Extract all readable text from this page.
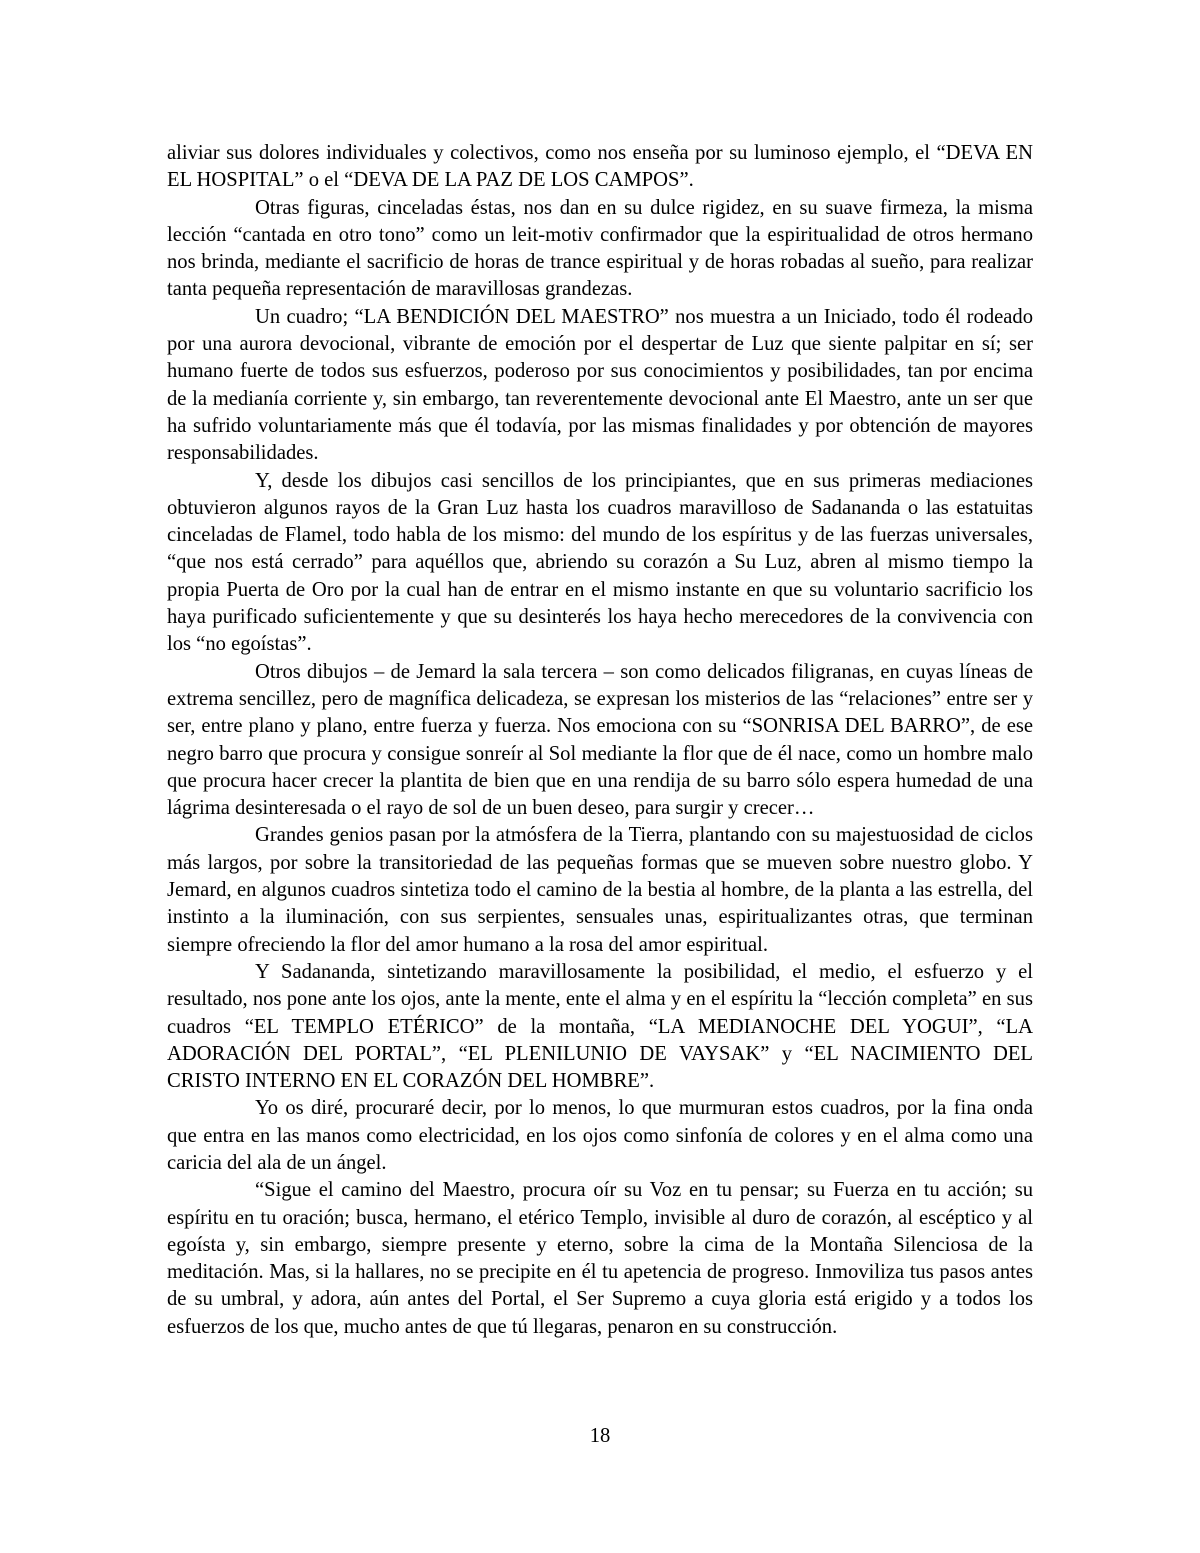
aliviar sus dolores individuales y colectivos, como nos enseña por su luminoso ejemplo, el “DEVA EN EL HOSPITAL” o el “DEVA DE LA PAZ DE LOS CAMPOS”.

Otras figuras, cinceladas éstas, nos dan en su dulce rigidez, en su suave firmeza, la misma lección “cantada en otro tono” como un leit-motiv confirmador que la espiritualidad de otros hermano nos brinda, mediante el sacrificio de horas de trance espiritual y de horas robadas al sueño, para realizar tanta pequeña representación de maravillosas grandezas.

Un cuadro; “LA BENDICIÓN DEL MAESTRO” nos muestra a un Iniciado, todo él rodeado por una aurora devocional, vibrante de emoción por el despertar de Luz que siente palpitar en sí; ser humano fuerte de todos sus esfuerzos, poderoso por sus conocimientos y posibilidades, tan por encima de la medianía corriente y, sin embargo, tan reverentemente devocional ante El Maestro, ante un ser que ha sufrido voluntariamente más que él todavía, por las mismas finalidades y por obtención de mayores responsabilidades.

Y, desde los dibujos casi sencillos de los principiantes, que en sus primeras mediaciones obtuvieron algunos rayos de la Gran Luz hasta los cuadros maravilloso de Sadananda o las estatuitas cinceladas de Flamel, todo habla de los mismo: del mundo de los espíritus y de las fuerzas universales, “que nos está cerrado” para aquéllos que, abriendo su corazón a Su Luz, abren al mismo tiempo la propia Puerta de Oro por la cual han de entrar en el mismo instante en que su voluntario sacrificio los haya purificado suficientemente y que su desinterés los haya hecho merecedores de la convivencia con los “no egoístas”.

Otros dibujos – de Jemard la sala tercera – son como delicados filigranas, en cuyas líneas de extrema sencillez, pero de magnífica delicadeza, se expresan los misterios de las “relaciones” entre ser y ser, entre plano y plano, entre fuerza y fuerza. Nos emociona con su “SONRISA DEL BARRO”, de ese negro barro que procura y consigue sonreír al Sol mediante la flor que de él nace, como un hombre malo que procura hacer crecer la plantita de bien que en una rendija de su barro sólo espera humedad de una lágrima desinteresada o el rayo de sol de un buen deseo, para surgir y crecer…

Grandes genios pasan por la atmósfera de la Tierra, plantando con su majestuosidad de ciclos más largos, por sobre la transitoriedad de las pequeñas formas que se mueven sobre nuestro globo. Y Jemard, en algunos cuadros sintetiza todo el camino de la bestia al hombre, de la planta a las estrella, del instinto a la iluminación, con sus serpientes, sensuales unas, espiritualizantes otras, que terminan siempre ofreciendo la flor del amor humano a la rosa del amor espiritual.

Y Sadananda, sintetizando maravillosamente la posibilidad, el medio, el esfuerzo y el resultado, nos pone ante los ojos, ante la mente, ente el alma y en el espíritu la “lección completa” en sus cuadros “EL TEMPLO ETÉRICO” de la montaña, “LA MEDIANOCHE DEL YOGUI”, “LA ADORACIÓN DEL PORTAL”, “EL PLENILUNIO DE VAYSAK” y “EL NACIMIENTO DEL CRISTO INTERNO EN EL CORAZÓN DEL HOMBRE”.

Yo os diré, procuraré decir, por lo menos, lo que murmuran estos cuadros, por la fina onda que entra en las manos como electricidad, en los ojos como sinfonía de colores y en el alma como una caricia del ala de un ángel.

“Sigue el camino del Maestro, procura oír su Voz en tu pensar; su Fuerza en tu acción; su espíritu en tu oración; busca, hermano, el etérico Templo, invisible al duro de corazón, al escéptico y al egoísta y, sin embargo, siempre presente y eterno, sobre la cima de la Montaña Silenciosa de la meditación. Mas, si la hallares, no se precipite en él tu apetencia de progreso. Inmoviliza tus pasos antes de su umbral, y adora, aún antes del Portal, el Ser Supremo a cuya gloria está erigido y a todos los esfuerzos de los que, mucho antes de que tú llegaras, penaron en su construcción.

18
